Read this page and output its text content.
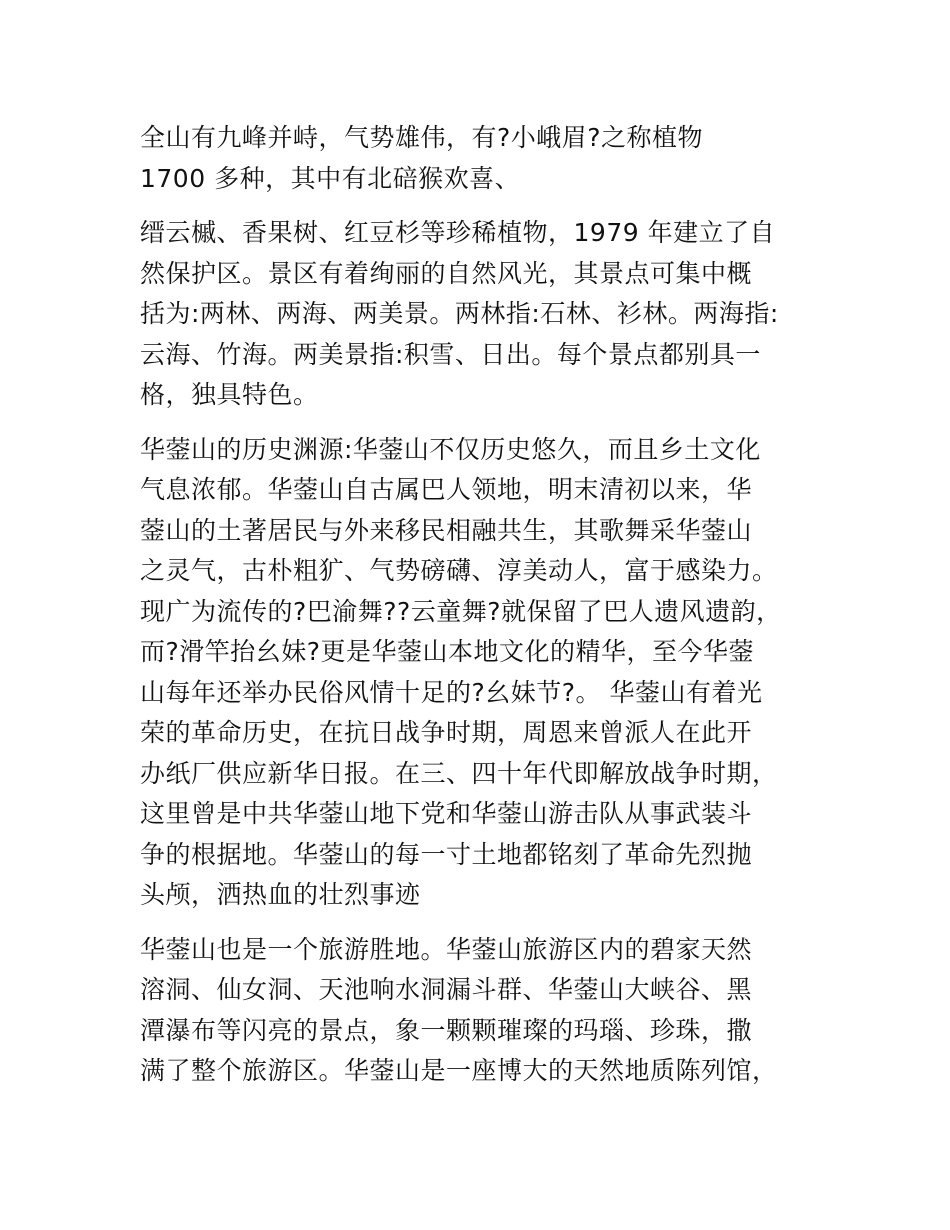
全山有九峰并峙，气势雄伟，有?小峨眉?之称植物
1700 多种，其中有北碚猴欢喜、

缙云槭、香果树、红豆杉等珍稀植物，1979 年建立了自
然保护区。景区有着绚丽的自然风光，其景点可集中概
括为:两林、两海、两美景。两林指:石林、衫林。两海指:
云海、竹海。两美景指:积雪、日出。每个景点都别具一
格，独具特色。

华蓥山的历史渊源:华蓥山不仅历史悠久，而且乡土文化
气息浓郁。华蓥山自古属巴人领地，明末清初以来，华
蓥山的土著居民与外来移民相融共生，其歌舞采华蓥山
之灵气，古朴粗犷、气势磅礴、淳美动人，富于感染力。
现广为流传的?巴渝舞??云童舞?就保留了巴人遗风遗韵，
而?滑竿抬幺妹?更是华蓥山本地文化的精华，至今华蓥
山每年还举办民俗风情十足的?幺妹节?。 华蓥山有着光
荣的革命历史，在抗日战争时期，周恩来曾派人在此开
办纸厂供应新华日报。在三、四十年代即解放战争时期，
这里曾是中共华蓥山地下党和华蓥山游击队从事武装斗
争的根据地。华蓥山的每一寸土地都铭刻了革命先烈抛
头颅，洒热血的壮烈事迹

华蓥山也是一个旅游胜地。华蓥山旅游区内的碧家天然
溶洞、仙女洞、天池响水洞漏斗群、华蓥山大峡谷、黑
潭瀑布等闪亮的景点，象一颗颗璀璨的玛瑙、珍珠，撒
满了整个旅游区。华蓥山是一座博大的天然地质陈列馆，
